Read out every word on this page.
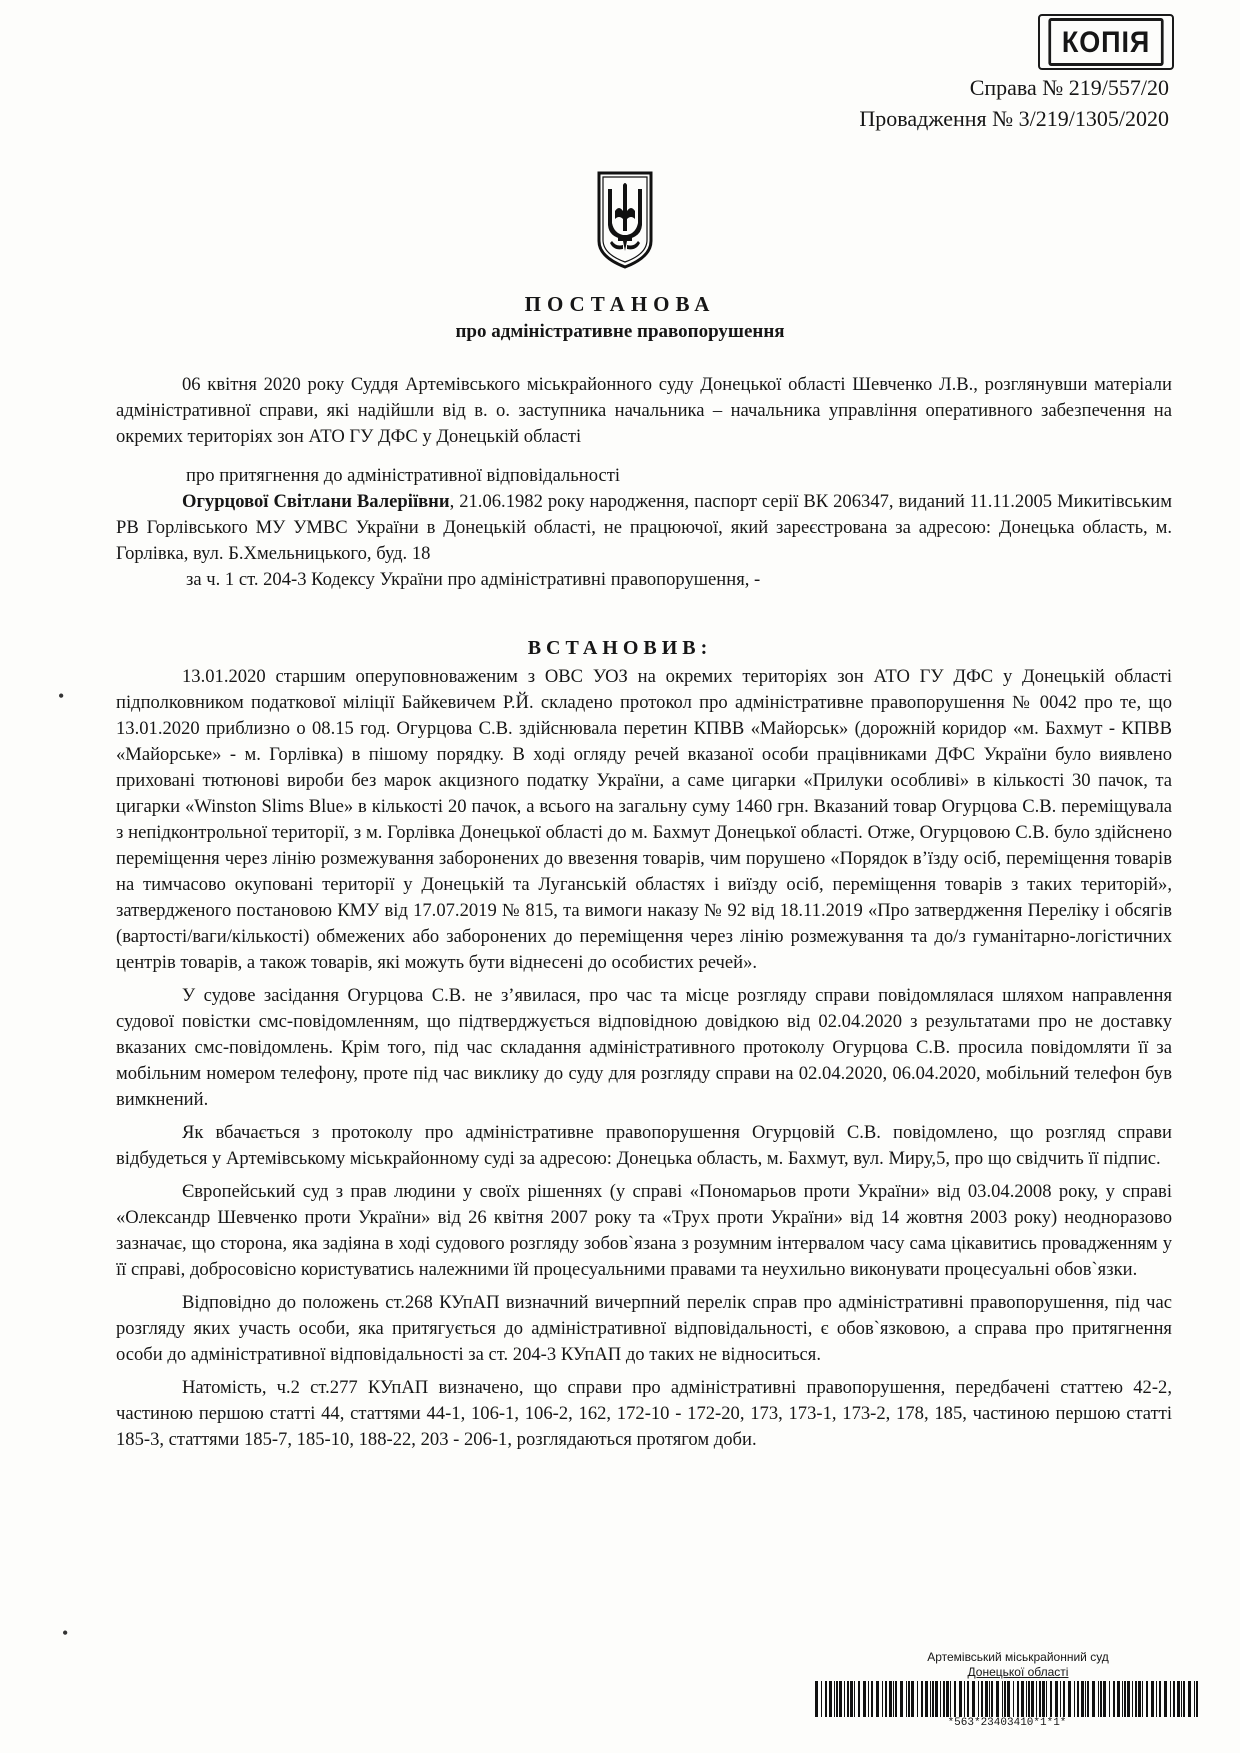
КОПІЯ
Справа № 219/557/20
Провадження № 3/219/1305/2020
ПОСТАНОВА
про адміністративне правопорушення

06 квітня 2020 року Суддя Артемівського міськрайонного суду Донецької області Шевченко Л.В., розглянувши матеріали адміністративної справи, які надійшли від в. о. заступника начальника – начальника управління оперативного забезпечення на окремих територіях зон АТО ГУ ДФС у Донецькій області

про притягнення до адміністративної відповідальності

Огурцової Світлани Валеріївни, 21.06.1982 року народження, паспорт серії ВК 206347, виданий 11.11.2005 Микитівським РВ Горлівського МУ УМВС України в Донецькій області, не працюючої, який зареєстрована за адресою: Донецька область, м. Горлівка, вул. Б.Хмельницького, буд. 18

за ч. 1 ст. 204-3 Кодексу України про адміністративні правопорушення, -

ВСТАНОВИВ:

13.01.2020 старшим оперуповноваженим з ОВС УОЗ на окремих територіях зон АТО ГУ ДФС у Донецькій області підполковником податкової міліції Байкевичем Р.Й. складено протокол про адміністративне правопорушення № 0042 про те, що 13.01.2020 приблизно о 08.15 год. Огурцова С.В. здійснювала перетин КПВВ «Майорськ» (дорожній коридор «м. Бахмут - КПВВ «Майорське» - м. Горлівка) в пішому порядку. В ході огляду речей вказаної особи працівниками ДФС України було виявлено приховані тютюнові вироби без марок акцизного податку України, а саме цигарки «Прилуки особливі» в кількості 30 пачок, та цигарки «Winston Slims Blue» в кількості 20 пачок, а всього на загальну суму 1460 грн. Вказаний товар Огурцова С.В. переміщувала з непідконтрольної території, з м. Горлівка Донецької області до м. Бахмут Донецької області. Отже, Огурцовою С.В. було здійснено переміщення через лінію розмежування заборонених до ввезення товарів, чим порушено «Порядок в’їзду осіб, переміщення товарів на тимчасово окуповані території у Донецькій та Луганській областях і виїзду осіб, переміщення товарів з таких територій», затвердженого постановою КМУ від 17.07.2019 № 815, та вимоги наказу № 92 від 18.11.2019 «Про затвердження Переліку і обсягів (вартості/ваги/кількості) обмежених або заборонених до переміщення через лінію розмежування та до/з гуманітарно-логістичних центрів товарів, а також товарів, які можуть бути віднесені до особистих речей».

У судове засідання Огурцова С.В. не з’явилася, про час та місце розгляду справи повідомлялася шляхом направлення судової повістки смс-повідомленням, що підтверджується відповідною довідкою від 02.04.2020 з результатами про не доставку вказаних смс-повідомлень. Крім того, під час складання адміністративного протоколу Огурцова С.В. просила повідомляти її за мобільним номером телефону, проте під час виклику до суду для розгляду справи на 02.04.2020, 06.04.2020, мобільний телефон був вимкнений.

Як вбачається з протоколу про адміністративне правопорушення Огурцовій С.В. повідомлено, що розгляд справи відбудеться у Артемівському міськрайонному суді за адресою: Донецька область, м. Бахмут, вул. Миру,5, про що свідчить її підпис.

Європейський суд з прав людини у своїх рішеннях (у справі «Пономарьов проти України» від 03.04.2008 року, у справі «Олександр Шевченко проти України» від 26 квітня 2007 року та «Трух проти України» від 14 жовтня 2003 року) неодноразово зазначає, що сторона, яка задіяна в ході судового розгляду зобов`язана з розумним інтервалом часу сама цікавитись провадженням у її справі, добросовісно користуватись належними їй процесуальними правами та неухильно виконувати процесуальні обов`язки.

Відповідно до положень ст.268 КУпАП визначний вичерпний перелік справ про адміністративні правопорушення, під час розгляду яких участь особи, яка притягується до адміністративної відповідальності, є обов`язковою, а справа про притягнення особи до адміністративної відповідальності за ст. 204-3 КУпАП до таких не відноситься.

Натомість, ч.2 ст.277 КУпАП визначено, що справи про адміністративні правопорушення, передбачені статтею 42-2, частиною першою статті 44, статтями 44-1, 106-1, 106-2, 162, 172-10 - 172-20, 173, 173-1, 173-2, 178, 185, частиною першою статті 185-3, статтями 185-7, 185-10, 188-22, 203 - 206-1, розглядаються протягом доби.

•
•
Артемівський міськрайонний суд
Донецької області
*563*23403410*1*1*
